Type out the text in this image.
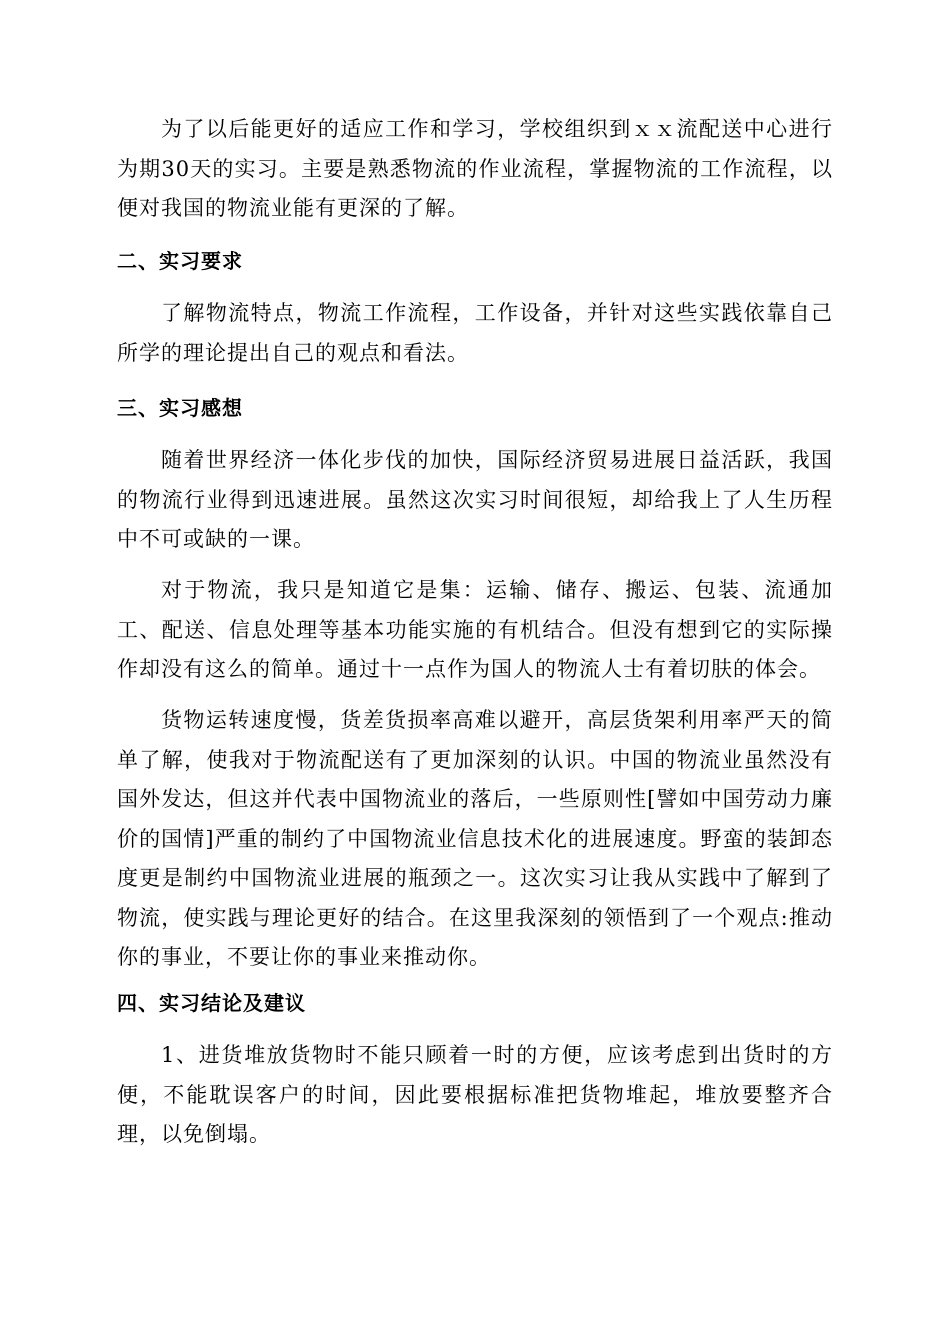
为了以后能更好的适应工作和学习，学校组织到ｘｘ流配送中心进行为期30天的实习。主要是熟悉物流的作业流程，掌握物流的工作流程，以便对我国的物流业能有更深的了解。

二、实习要求

了解物流特点，物流工作流程，工作设备，并针对这些实践依靠自己所学的理论提出自己的观点和看法。

三、实习感想

随着世界经济一体化步伐的加快，国际经济贸易进展日益活跃，我国的物流行业得到迅速进展。虽然这次实习时间很短，却给我上了人生历程中不可或缺的一课。

对于物流，我只是知道它是集：运输、储存、搬运、包装、流通加工、配送、信息处理等基本功能实施的有机结合。但没有想到它的实际操作却没有这么的简单。通过十一点作为国人的物流人士有着切肤的体会。

货物运转速度慢，货差货损率高难以避开，高层货架利用率严天的简单了解，使我对于物流配送有了更加深刻的认识。中国的物流业虽然没有国外发达，但这并代表中国物流业的落后，一些原则性[譬如中国劳动力廉价的国情]严重的制约了中国物流业信息技术化的进展速度。野蛮的装卸态度更是制约中国物流业进展的瓶颈之一。这次实习让我从实践中了解到了物流，使实践与理论更好的结合。在这里我深刻的领悟到了一个观点:推动你的事业，不要让你的事业来推动你。

四、实习结论及建议

1、进货堆放货物时不能只顾着一时的方便，应该考虑到出货时的方便，不能耽误客户的时间，因此要根据标准把货物堆起，堆放要整齐合理，以免倒塌。
